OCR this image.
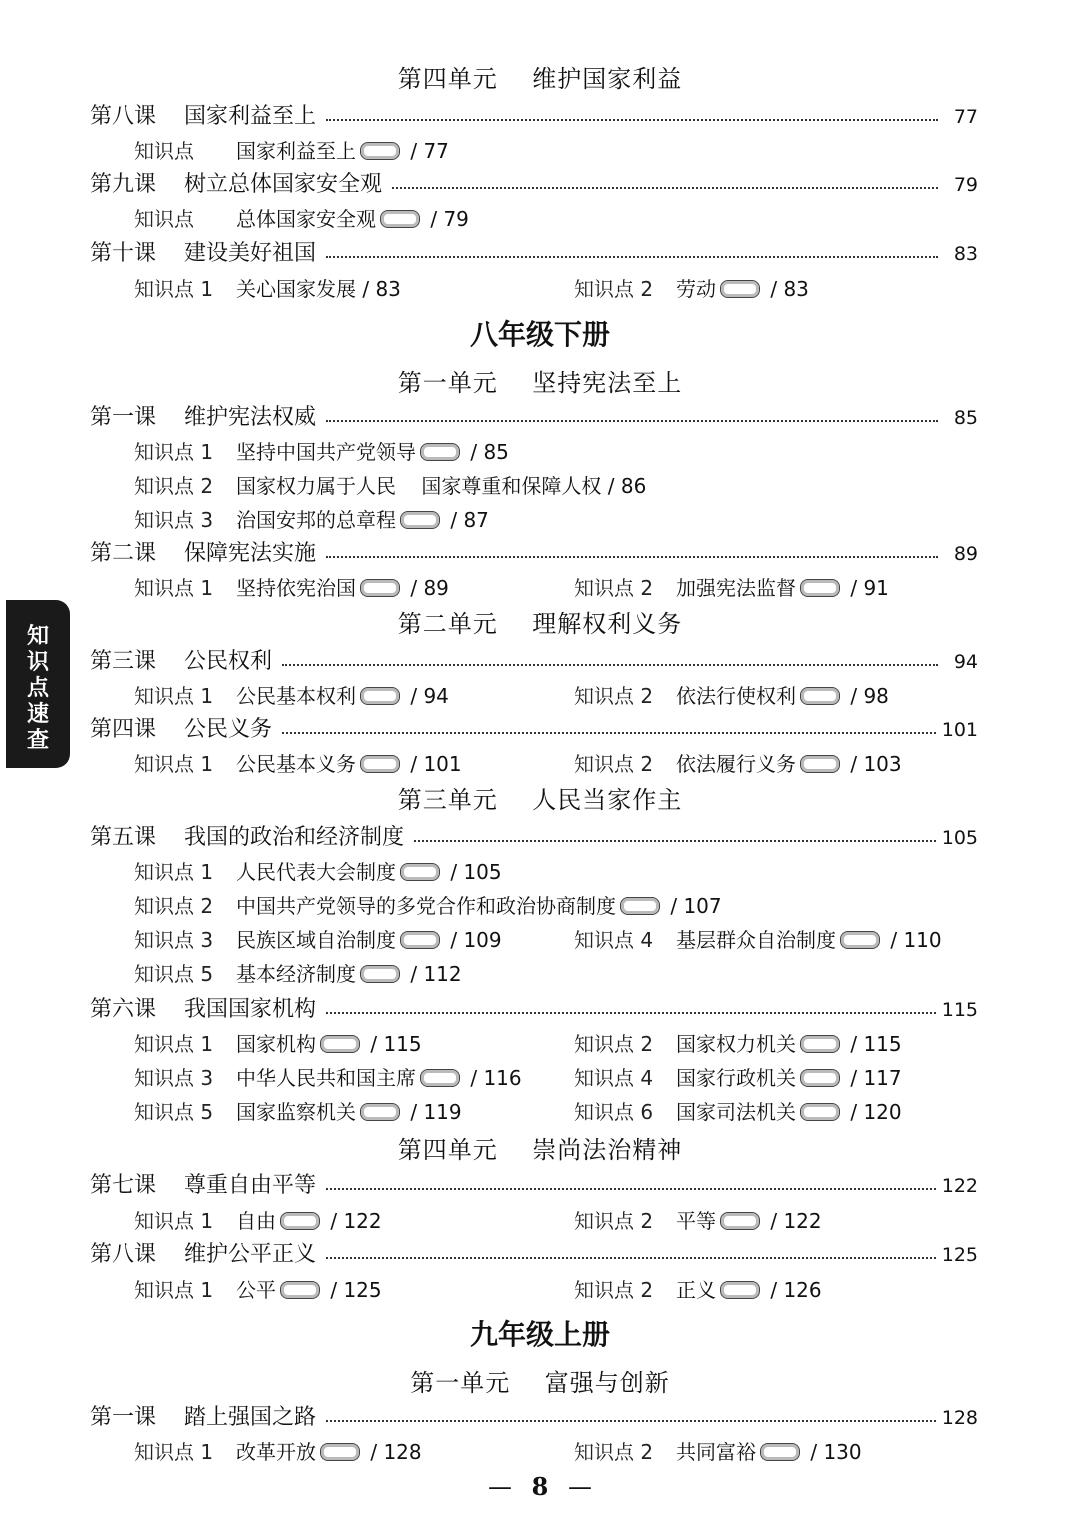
第四单元    维护国家利益
第八课    国家利益至上	77
知识点 国家利益至上 / 77
第九课    树立总体国家安全观	79
知识点 总体国家安全观 / 79
第十课    建设美好祖国	83
知识点 1 关心国家发展 / 83	知识点 2 劳动 / 83
八年级下册
第一单元    坚持宪法至上
第一课    维护宪法权威	85
知识点 1 坚持中国共产党领导 / 85
知识点 2 国家权力属于人民    国家尊重和保障人权 / 86
知识点 3 治国安邦的总章程 / 87
第二课    保障宪法实施	89
知识点 1 坚持依宪治国 / 89	知识点 2 加强宪法监督 / 91
第二单元    理解权利义务
第三课    公民权利	94
知识点 1 公民基本权利 / 94	知识点 2 依法行使权利 / 98
第四课    公民义务	101
知识点 1 公民基本义务 / 101	知识点 2 依法履行义务 / 103
第三单元    人民当家作主
第五课    我国的政治和经济制度	105
知识点 1 人民代表大会制度 / 105
知识点 2 中国共产党领导的多党合作和政治协商制度 / 107
知识点 3 民族区域自治制度 / 109	知识点 4 基层群众自治制度 / 110
知识点 5 基本经济制度 / 112
第六课    我国国家机构	115
知识点 1 国家机构 / 115	知识点 2 国家权力机关 / 115
知识点 3 中华人民共和国主席 / 116	知识点 4 国家行政机关 / 117
知识点 5 国家监察机关 / 119	知识点 6 国家司法机关 / 120
第四单元    崇尚法治精神
第七课    尊重自由平等	122
知识点 1 自由 / 122	知识点 2 平等 / 122
第八课    维护公平正义	125
知识点 1 公平 / 125	知识点 2 正义 / 126
九年级上册
第一单元    富强与创新
第一课    踏上强国之路	128
知识点 1 改革开放 / 128	知识点 2 共同富裕 / 130
知识点速查
— 8 —
